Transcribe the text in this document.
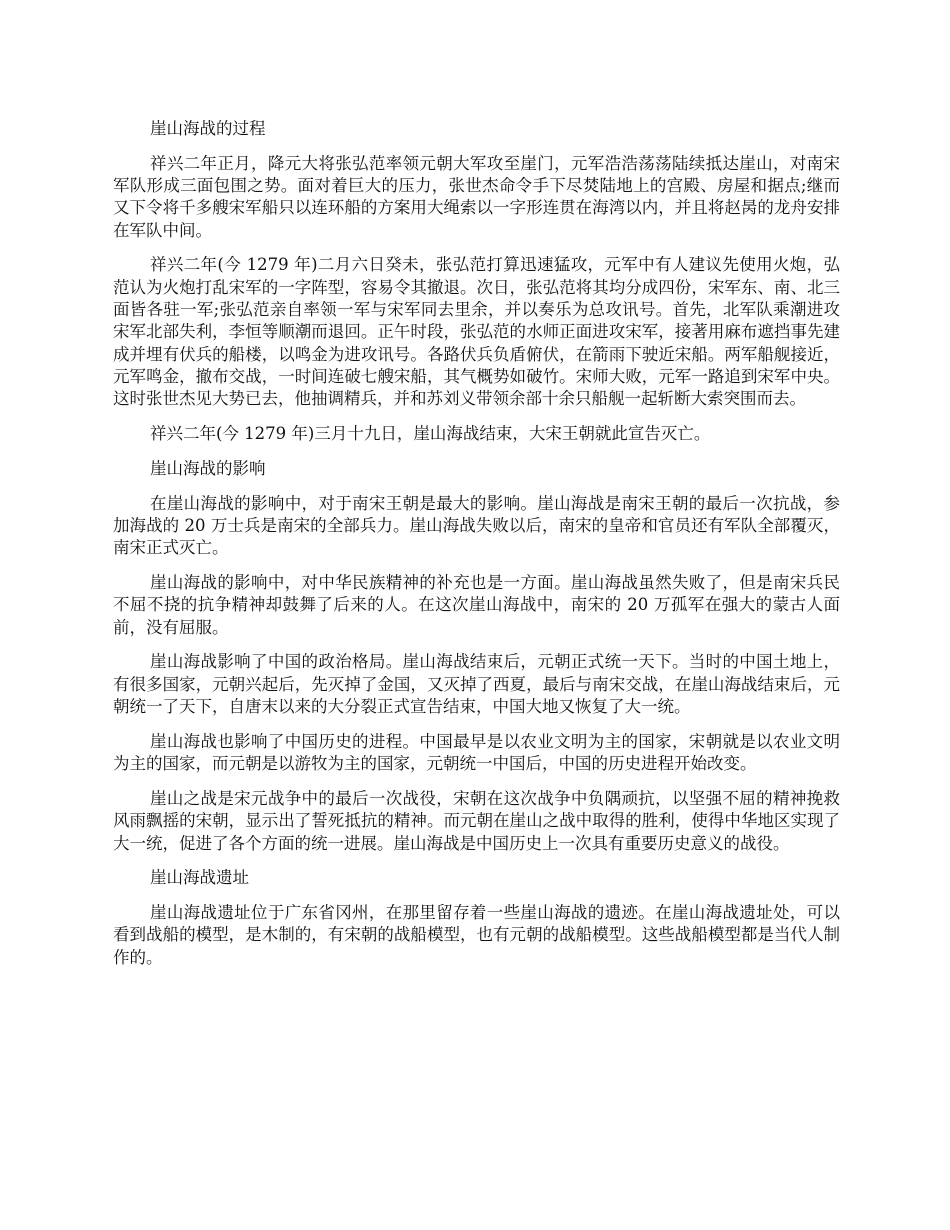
崖山海战的过程

祥兴二年正月，降元大将张弘范率领元朝大军攻至崖门，元军浩浩荡荡陆续抵达崖山，对南宋军队形成三面包围之势。面对着巨大的压力，张世杰命令手下尽焚陆地上的宫殿、房屋和据点;继而又下令将千多艘宋军船只以连环船的方案用大绳索以一字形连贯在海湾以内，并且将赵昺的龙舟安排在军队中间。

祥兴二年(今 1279 年)二月六日癸未，张弘范打算迅速猛攻，元军中有人建议先使用火炮，弘范认为火炮打乱宋军的一字阵型，容易令其撤退。次日，张弘范将其均分成四份，宋军东、南、北三面皆各驻一军;张弘范亲自率领一军与宋军同去里余，并以奏乐为总攻讯号。首先，北军队乘潮进攻宋军北部失利，李恒等顺潮而退回。正午时段，张弘范的水师正面进攻宋军，接著用麻布遮挡事先建成并埋有伏兵的船楼，以鸣金为进攻讯号。各路伏兵负盾俯伏，在箭雨下驶近宋船。两军船舰接近，元军鸣金，撤布交战，一时间连破七艘宋船，其气概势如破竹。宋师大败，元军一路追到宋军中央。这时张世杰见大势已去，他抽调精兵，并和苏刘义带领余部十余只船舰一起斩断大索突围而去。

祥兴二年(今 1279 年)三月十九日，崖山海战结束，大宋王朝就此宣告灭亡。

崖山海战的影响

在崖山海战的影响中，对于南宋王朝是最大的影响。崖山海战是南宋王朝的最后一次抗战，参加海战的 20 万士兵是南宋的全部兵力。崖山海战失败以后，南宋的皇帝和官员还有军队全部覆灭，南宋正式灭亡。

崖山海战的影响中，对中华民族精神的补充也是一方面。崖山海战虽然失败了，但是南宋兵民不屈不挠的抗争精神却鼓舞了后来的人。在这次崖山海战中，南宋的 20 万孤军在强大的蒙古人面前，没有屈服。

崖山海战影响了中国的政治格局。崖山海战结束后，元朝正式统一天下。当时的中国土地上，有很多国家，元朝兴起后，先灭掉了金国，又灭掉了西夏，最后与南宋交战，在崖山海战结束后，元朝统一了天下，自唐末以来的大分裂正式宣告结束，中国大地又恢复了大一统。

崖山海战也影响了中国历史的进程。中国最早是以农业文明为主的国家，宋朝就是以农业文明为主的国家，而元朝是以游牧为主的国家，元朝统一中国后，中国的历史进程开始改变。

崖山之战是宋元战争中的最后一次战役，宋朝在这次战争中负隅顽抗，以坚强不屈的精神挽救风雨飘摇的宋朝，显示出了誓死抵抗的精神。而元朝在崖山之战中取得的胜利，使得中华地区实现了大一统，促进了各个方面的统一进展。崖山海战是中国历史上一次具有重要历史意义的战役。

崖山海战遗址

崖山海战遗址位于广东省冈州，在那里留存着一些崖山海战的遗迹。在崖山海战遗址处，可以看到战船的模型，是木制的，有宋朝的战船模型，也有元朝的战船模型。这些战船模型都是当代人制作的。
